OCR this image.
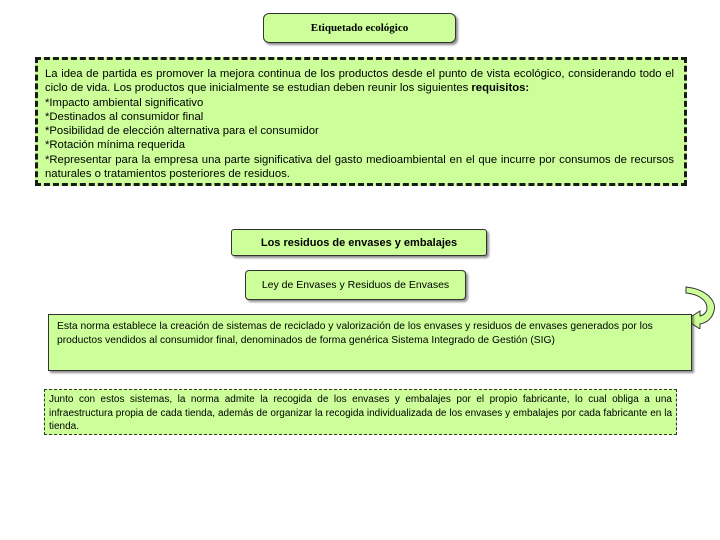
Etiquetado ecológico

La idea de partida es promover la mejora continua de los productos desde el punto de vista ecológico, considerando todo el ciclo de vida. Los productos que inicialmente se estudian deben reunir los siguientes requisitos:

*Impacto ambiental significativo

*Destinados al consumidor final

*Posibilidad de elección alternativa para el consumidor

*Rotación mínima requerida

*Representar para la empresa una parte significativa del gasto medioambiental en el que incurre por consumos de recursos naturales o tratamientos posteriores de residuos.

Los residuos de envases y embalajes
Ley de Envases y Residuos de Envases
Esta norma establece la creación de sistemas de reciclado y valorización de los envases y residuos de envases generados por los productos vendidos al consumidor final, denominados de forma genérica Sistema Integrado de Gestión (SIG)
Junto con estos sistemas, la norma admite la recogida de los envases y embalajes por el propio fabricante, lo cual obliga a una infraestructura propia de cada tienda, además de organizar la recogida individualizada de los envases y embalajes por cada fabricante en la tienda.
